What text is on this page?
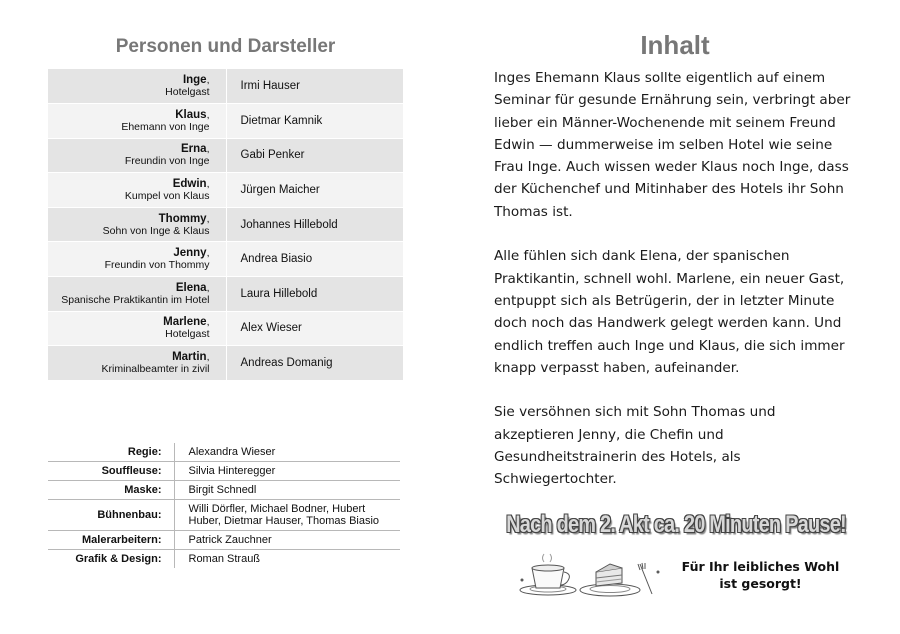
Personen und Darsteller
Inge,
Hotelgast	Irmi Hauser
Klaus,
Ehemann von Inge	Dietmar Kamnik
Erna,
Freundin von Inge	Gabi Penker
Edwin,
Kumpel von Klaus	Jürgen Maicher
Thommy,
Sohn von Inge & Klaus	Johannes Hillebold
Jenny,
Freundin von Thommy	Andrea Biasio
Elena,
Spanische Praktikantin im Hotel	Laura Hillebold
Marlene,
Hotelgast	Alex Wieser
Martin,
Kriminalbeamter in zivil	Andreas Domanig
Regie:	Alexandra Wieser
Souffleuse:	Silvia Hinteregger
Maske:	Birgit Schnedl
Bühnenbau:	Willi Dörfler, Michael Bodner, Hubert Huber, Dietmar Hauser, Thomas Biasio
Malerarbeitern:	Patrick Zauchner
Grafik & Design:	Roman Strauß
Inhalt

Inges Ehemann Klaus sollte eigentlich auf einem Seminar für gesunde Ernährung sein, verbringt aber lieber ein Männer-Wochenende mit seinem Freund Edwin — dummerweise im selben Hotel wie seine Frau Inge. Auch wissen weder Klaus noch Inge, dass der Küchenchef und Mitinhaber des Hotels ihr Sohn Thomas ist.

Alle fühlen sich dank Elena, der spanischen Praktikantin, schnell wohl. Marlene, ein neuer Gast, entpuppt sich als Betrügerin, der in letzter Minute doch noch das Handwerk gelegt werden kann. Und endlich treffen auch Inge und Klaus, die sich immer knapp verpasst haben, aufeinander.

Sie versöhnen sich mit Sohn Thomas und akzeptieren Jenny, die Chefin und Gesundheitstrainerin des Hotels, als Schwiegertochter.

Nach dem 2. Akt ca. 20 Minuten Pause!
Für Ihr leibliches Wohl
ist gesorgt!
